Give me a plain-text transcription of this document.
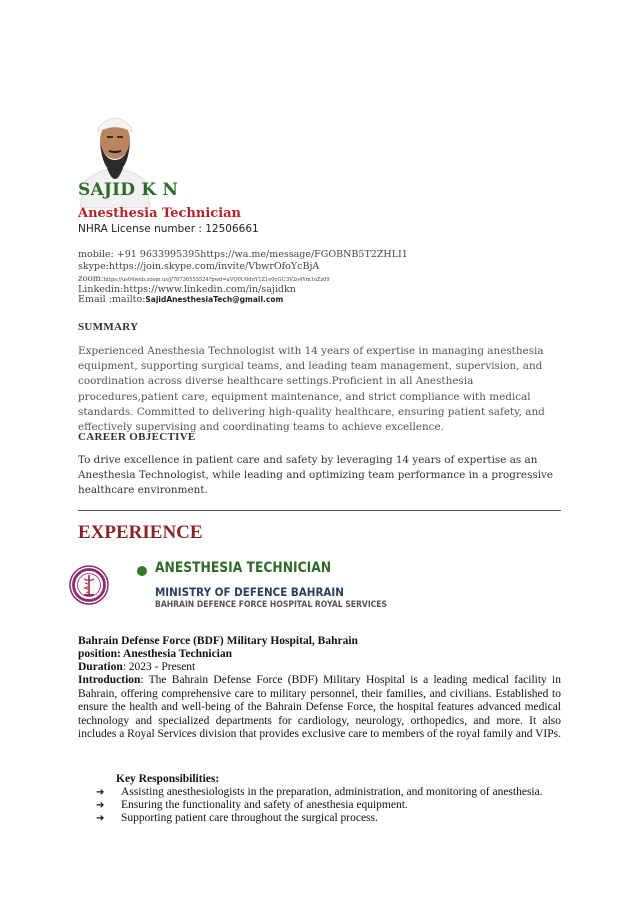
SAJID K N
Anesthesia Technician
NHRA License number : 12506661
mobile: +91 9633995395https://wa.me/message/FGOBNB5T2ZHLI1
skype:https://join.skype.com/invite/VbwrOfoYcBjA
zoom:https://us04web.zoom.us/j/76736555524?pwd=aVQ0U0dnY1Z1e0cGU3V2o4Ym1oZz09
Linkedin:https://www.linkedin.com/in/sajidkn
Email :mailto:SajidAnesthesiaTech@gmail.com
SUMMARY
Experienced Anesthesia Technologist with 14 years of expertise in managing anesthesia equipment, supporting surgical teams, and leading team management, supervision, and coordination across diverse healthcare settings.Proficient in all Anesthesia procedures,patient care, equipment maintenance, and strict compliance with medical standards. Committed to delivering high-quality healthcare, ensuring patient safety, and effectively supervising and coordinating teams to achieve excellence.
CAREER OBJECTIVE
To drive excellence in patient care and safety by leveraging 14 years of expertise as an Anesthesia Technologist, while leading and optimizing team performance in a progressive healthcare environment.
EXPERIENCE
ANESTHESIA TECHNICIAN
MINISTRY OF DEFENCE BAHRAIN
BAHRAIN DEFENCE FORCE HOSPITAL ROYAL SERVICES
Bahrain Defense Force (BDF) Military Hospital, Bahrain
position: Anesthesia Technician
Duration: 2023 - Present
Introduction: The Bahrain Defense Force (BDF) Military Hospital is a leading medical facility in Bahrain, offering comprehensive care to military personnel, their families, and civilians. Established to ensure the health and well-being of the Bahrain Defense Force, the hospital features advanced medical technology and specialized departments for cardiology, neurology, orthopedics, and more. It also includes a Royal Services division that provides exclusive care to members of the royal family and VIPs.
Key Responsibilities:
➔ Assisting anesthesiologists in the preparation, administration, and monitoring of anesthesia.
➔ Ensuring the functionality and safety of anesthesia equipment.
➔ Supporting patient care throughout the surgical process.
